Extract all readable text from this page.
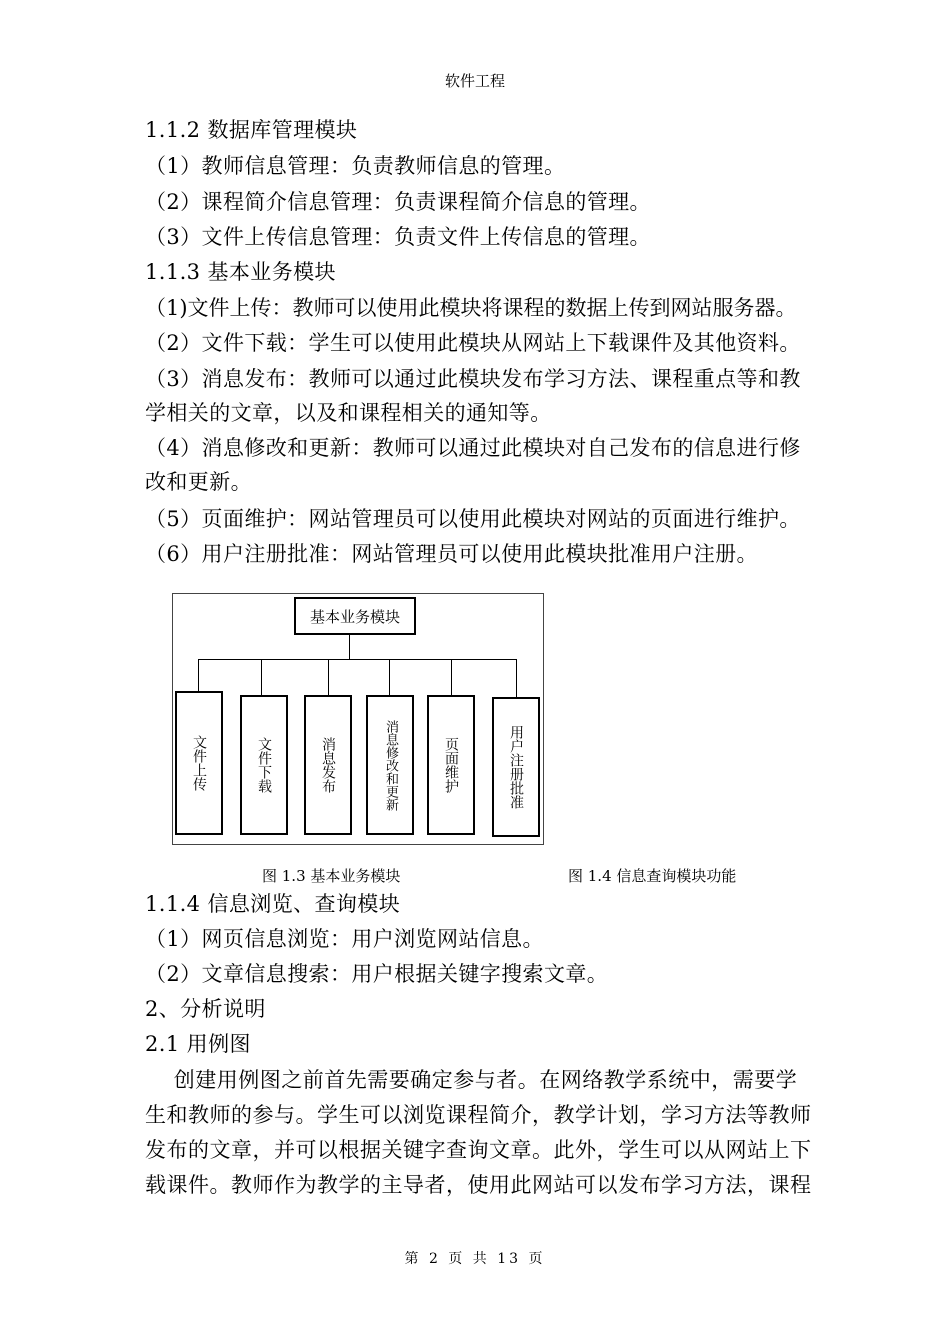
软件工程
1.1.2 数据库管理模块
（1）教师信息管理：负责教师信息的管理。
（2）课程简介信息管理：负责课程简介信息的管理。
（3）文件上传信息管理：负责文件上传信息的管理。
1.1.3 基本业务模块
（1)文件上传：教师可以使用此模块将课程的数据上传到网站服务器。
（2）文件下载：学生可以使用此模块从网站上下载课件及其他资料。
（3）消息发布：教师可以通过此模块发布学习方法、课程重点等和教
学相关的文章，以及和课程相关的通知等。
（4）消息修改和更新：教师可以通过此模块对自己发布的信息进行修
改和更新。
（5）页面维护：网站管理员可以使用此模块对网站的页面进行维护。
（6）用户注册批准：网站管理员可以使用此模块批准用户注册。
基本业务模块
文件上传	文件下载	消息发布	消息修改和更新	页面维护	用户注册批准
图 1.3 基本业务模块	图 1.4 信息查询模块功能
1.1.4 信息浏览、查询模块
（1）网页信息浏览：用户浏览网站信息。
（2）文章信息搜索：用户根据关键字搜索文章。
2、分析说明
2.1 用例图
创建用例图之前首先需要确定参与者。在网络教学系统中，需要学
生和教师的参与。学生可以浏览课程简介，教学计划，学习方法等教师
发布的文章，并可以根据关键字查询文章。此外，学生可以从网站上下
载课件。教师作为教学的主导者，使用此网站可以发布学习方法，课程
第 2 页 共 13 页
